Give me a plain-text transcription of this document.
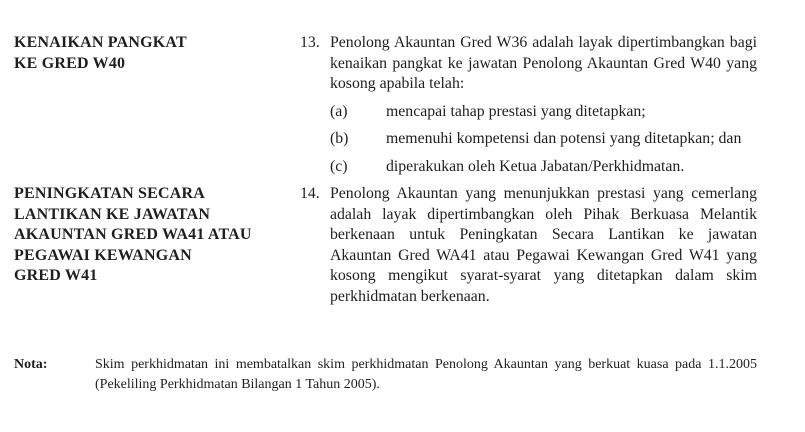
KENAIKAN PANGKAT
KE GRED W40
13. Penolong Akauntan Gred W36 adalah layak dipertimbangkan bagi kenaikan pangkat ke jawatan Penolong Akauntan Gred W40 yang kosong apabila telah:
(a)	mencapai tahap prestasi yang ditetapkan;
(b)	memenuhi kompetensi dan potensi yang ditetapkan; dan
(c)	diperakukan oleh Ketua Jabatan/Perkhidmatan.
PENINGKATAN SECARA
LANTIKAN KE JAWATAN
AKAUNTAN GRED WA41 ATAU
PEGAWAI KEWANGAN
GRED W41
14. Penolong Akauntan yang menunjukkan prestasi yang cemerlang adalah layak dipertimbangkan oleh Pihak Berkuasa Melantik berkenaan untuk Peningkatan Secara Lantikan ke jawatan Akauntan Gred WA41 atau Pegawai Kewangan Gred W41 yang kosong mengikut syarat-syarat yang ditetapkan dalam skim perkhidmatan berkenaan.
Nota:	Skim perkhidmatan ini membatalkan skim perkhidmatan Penolong Akauntan yang berkuat kuasa pada 1.1.2005 (Pekeliling Perkhidmatan Bilangan 1 Tahun 2005).
